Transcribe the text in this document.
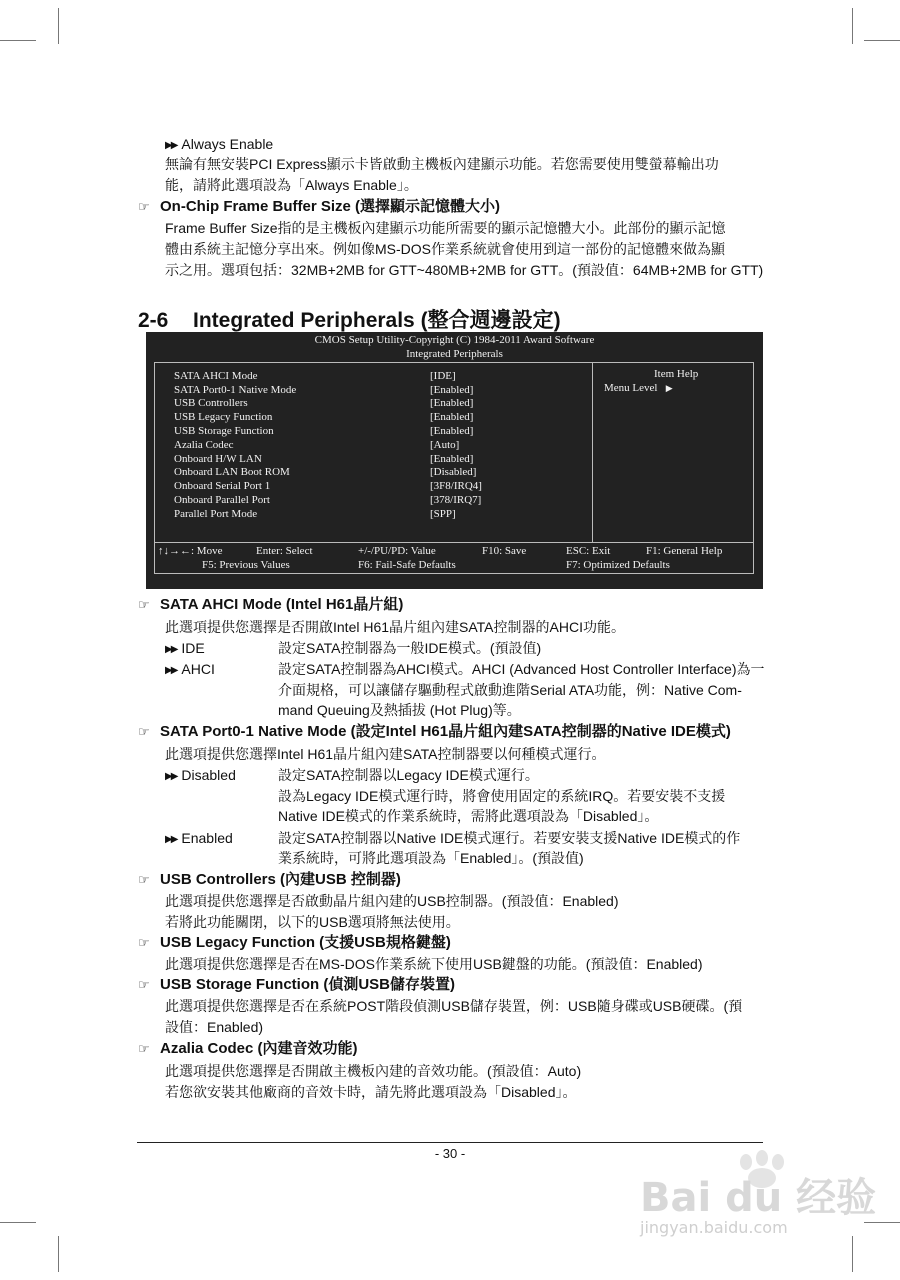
▶▶ Always Enable
無論有無安裝PCI Express顯示卡皆啟動主機板內建顯示功能。若您需要使用雙螢幕輸出功
能，請將此選項設為「Always Enable」。
☞ On-Chip Frame Buffer Size (選擇顯示記憶體大小)
Frame Buffer Size指的是主機板內建顯示功能所需要的顯示記憶體大小。此部份的顯示記憶
體由系統主記憶分享出來。例如像MS-DOS作業系統就會使用到這一部份的記憶體來做為顯
示之用。選項包括：32MB+2MB for GTT~480MB+2MB for GTT。(預設值：64MB+2MB for GTT)
2-6 Integrated Peripherals (整合週邊設定)
CMOS Setup Utility-Copyright (C) 1984-2011 Award Software
Integrated Peripherals
SATA AHCI Mode	[IDE]
SATA Port0-1 Native Mode	[Enabled]
USB Controllers	[Enabled]
USB Legacy Function	[Enabled]
USB Storage Function	[Enabled]
Azalia Codec	[Auto]
Onboard H/W LAN	[Enabled]
Onboard LAN Boot ROM	[Disabled]
Onboard Serial Port 1	[3F8/IRQ4]
Onboard Parallel Port	[378/IRQ7]
Parallel Port Mode	[SPP]
Item Help
Menu Level ▶
↑↓→←: Move	Enter: Select	+/-/PU/PD: Value	F10: Save	ESC: Exit	F1: General Help
F5: Previous Values	F6: Fail-Safe Defaults	F7: Optimized Defaults
☞ SATA AHCI Mode (Intel H61晶片組)
此選項提供您選擇是否開啟Intel H61晶片組內建SATA控制器的AHCI功能。
▶▶ IDE	設定SATA控制器為一般IDE模式。(預設值)
▶▶ AHCI	設定SATA控制器為AHCI模式。AHCI (Advanced Host Controller Interface)為一
介面規格，可以讓儲存驅動程式啟動進階Serial ATA功能，例：Native Com-
mand Queuing及熱插拔 (Hot Plug)等。
☞ SATA Port0-1 Native Mode (設定Intel H61晶片組內建SATA控制器的Native IDE模式)
此選項提供您選擇Intel H61晶片組內建SATA控制器要以何種模式運行。
▶▶ Disabled	設定SATA控制器以Legacy IDE模式運行。
設為Legacy IDE模式運行時，將會使用固定的系統IRQ。若要安裝不支援
Native IDE模式的作業系統時，需將此選項設為「Disabled」。
▶▶ Enabled	設定SATA控制器以Native IDE模式運行。若要安裝支援Native IDE模式的作
業系統時，可將此選項設為「Enabled」。(預設值)
☞ USB Controllers (內建USB 控制器)
此選項提供您選擇是否啟動晶片組內建的USB控制器。(預設值：Enabled)
若將此功能關閉，以下的USB選項將無法使用。
☞ USB Legacy Function (支援USB規格鍵盤)
此選項提供您選擇是否在MS-DOS作業系統下使用USB鍵盤的功能。(預設值：Enabled)
☞ USB Storage Function (偵測USB儲存裝置)
此選項提供您選擇是否在系統POST階段偵測USB儲存裝置，例：USB隨身碟或USB硬碟。(預
設值：Enabled)
☞ Azalia Codec (內建音效功能)
此選項提供您選擇是否開啟主機板內建的音效功能。(預設值：Auto)
若您欲安裝其他廠商的音效卡時，請先將此選項設為「Disabled」。
- 30 -
Bai du 经验
jingyan.baidu.com
